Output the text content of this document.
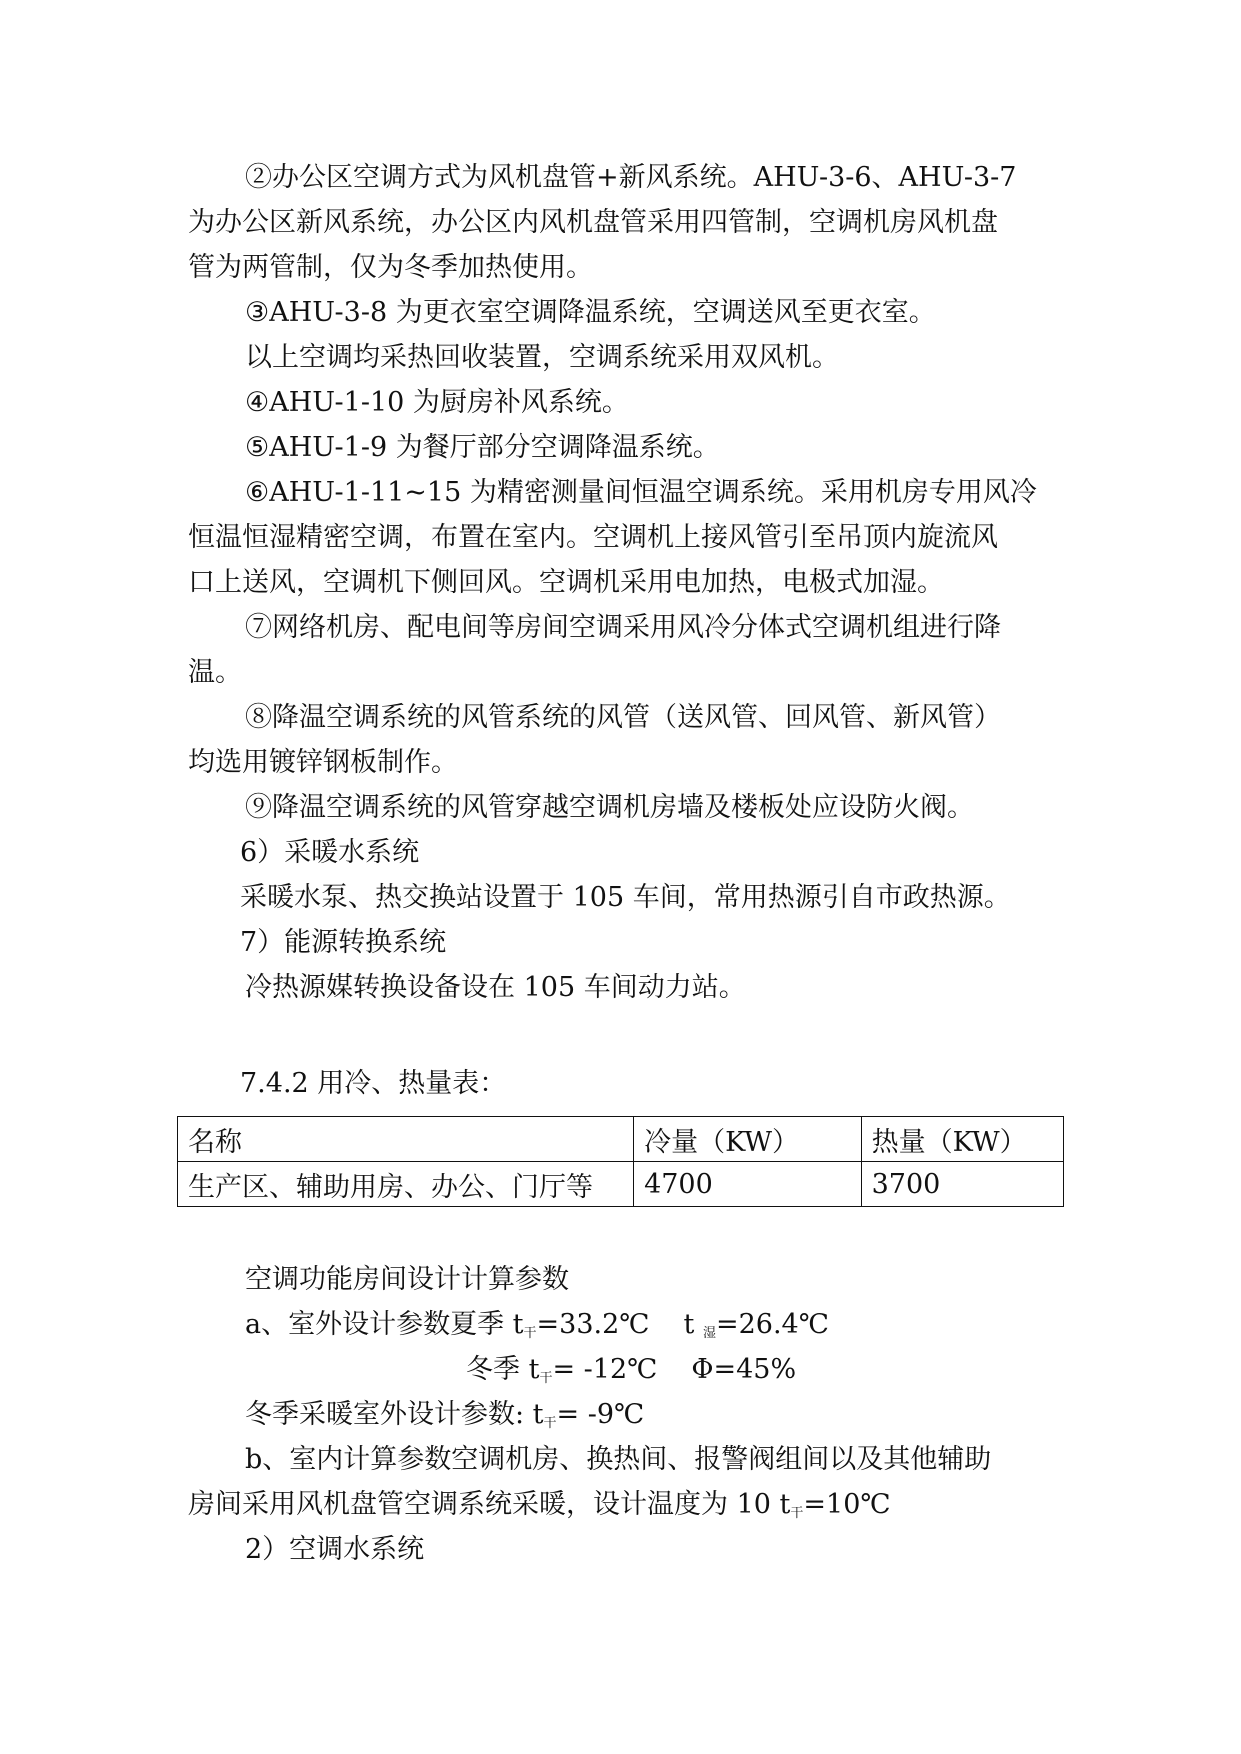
②办公区空调方式为风机盘管+新风系统。AHU-3-6、AHU-3-7
为办公区新风系统，办公区内风机盘管采用四管制，空调机房风机盘
管为两管制，仅为冬季加热使用。
③AHU-3-8 为更衣室空调降温系统，空调送风至更衣室。
以上空调均采热回收装置，空调系统采用双风机。
④AHU-1-10 为厨房补风系统。
⑤AHU-1-9 为餐厅部分空调降温系统。
⑥AHU-1-11~15 为精密测量间恒温空调系统。采用机房专用风冷
恒温恒湿精密空调，布置在室内。空调机上接风管引至吊顶内旋流风
口上送风，空调机下侧回风。空调机采用电加热，电极式加湿。
⑦网络机房、配电间等房间空调采用风冷分体式空调机组进行降
温。
⑧降温空调系统的风管系统的风管（送风管、回风管、新风管）
均选用镀锌钢板制作。
⑨降温空调系统的风管穿越空调机房墙及楼板处应设防火阀。
6）采暖水系统
采暖水泵、热交换站设置于 105 车间，常用热源引自市政热源。
7）能源转换系统
冷热源媒转换设备设在 105 车间动力站。
7.4.2 用冷、热量表：
名称	冷量（KW）	热量（KW）
生产区、辅助用房、办公、门厅等	4700	3700
空调功能房间设计计算参数
a、室外设计参数夏季 $t_干=33.2℃$ t $_湿$=26.4℃
冬季 $t_干=$ -12℃ Φ=45%
冬季采暖室外设计参数: $t_干=$ -9℃
b、室内计算参数空调机房、换热间、报警阀组间以及其他辅助
房间采用风机盘管空调系统采暖，设计温度为 10 $t_干=10℃$
2）空调水系统
